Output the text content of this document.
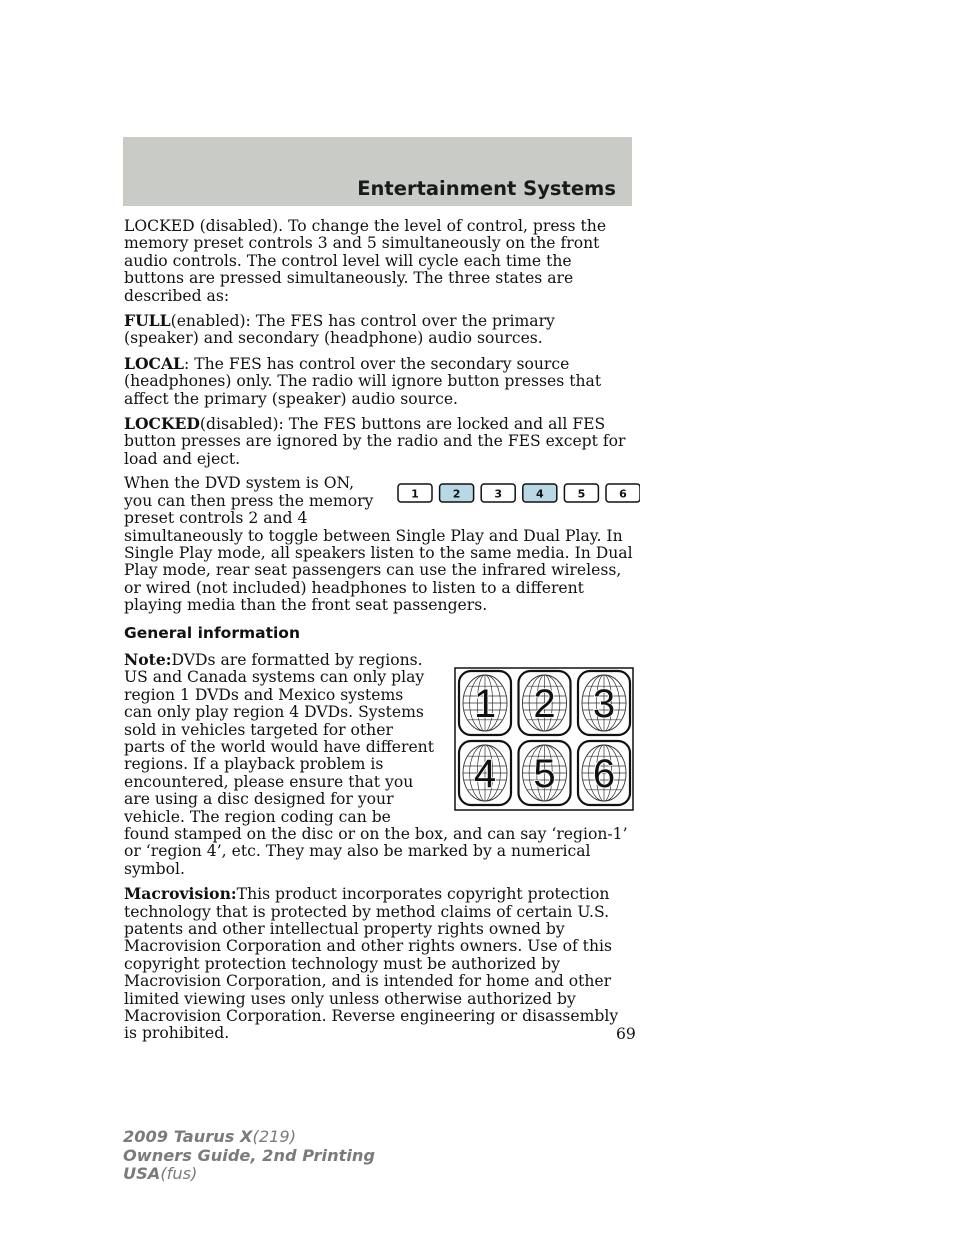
Entertainment Systems

LOCKED (disabled). To change the level of control, press the memory preset controls 3 and 5 simultaneously on the front audio controls. The control level will cycle each time the buttons are pressed simultaneously. The three states are described as:

FULL(enabled): The FES has control over the primary (speaker) and secondary (headphone) audio sources.

LOCAL: The FES has control over the secondary source (headphones) only. The radio will ignore button presses that affect the primary (speaker) audio source.

LOCKED(disabled): The FES buttons are locked and all FES button presses are ignored by the radio and the FES except for load and eject.

1	2	3	4	5	6

When the DVD system is ON, you can then press the memory preset controls 2 and 4 simultaneously to toggle between Single Play and Dual Play. In Single Play mode, all speakers listen to the same media. In Dual Play mode, rear seat passengers can use the infrared wireless, or wired (not included) headphones to listen to a different playing media than the front seat passengers.

General information
1 2 3
4 5 6

Note:DVDs are formatted by regions. US and Canada systems can only play region 1 DVDs and Mexico systems can only play region 4 DVDs. Systems sold in vehicles targeted for other parts of the world would have different regions. If a playback problem is encountered, please ensure that you are using a disc designed for your vehicle. The region coding can be found stamped on the disc or on the box, and can say ‘region-1’ or ‘region 4’, etc. They may also be marked by a numerical symbol.

Macrovision:This product incorporates copyright protection technology that is protected by method claims of certain U.S. patents and other intellectual property rights owned by Macrovision Corporation and other rights owners. Use of this copyright protection technology must be authorized by Macrovision Corporation, and is intended for home and other limited viewing uses only unless otherwise authorized by Macrovision Corporation. Reverse engineering or disassembly is prohibited.	69
2009 Taurus X(219)
Owners Guide, 2nd Printing
USA(fus)
